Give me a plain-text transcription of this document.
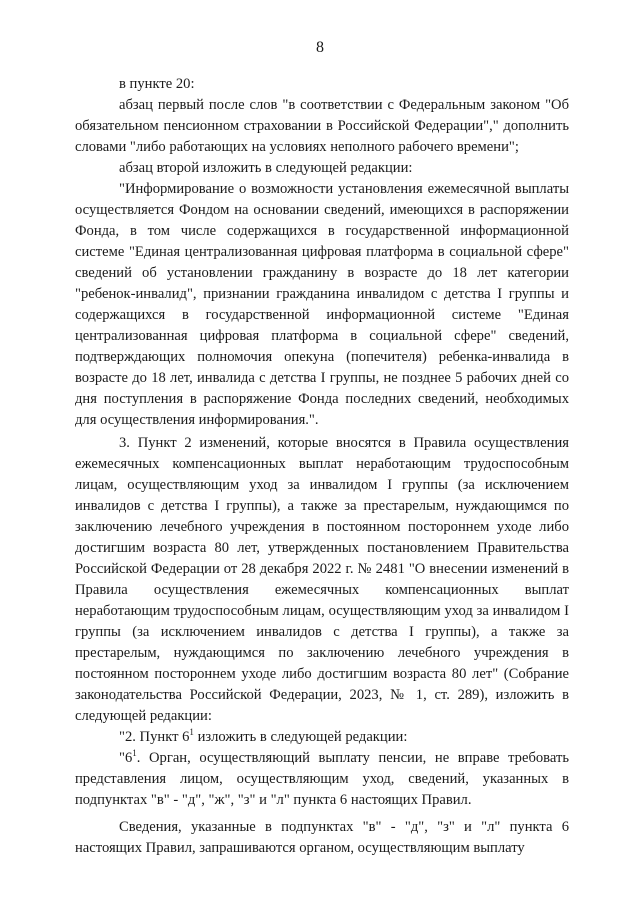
8

в пункте 20:

абзац первый после слов "в соответствии с Федеральным законом "Об обязательном пенсионном страховании в Российской Федерации"," дополнить словами "либо работающих на условиях неполного рабочего времени";

абзац второй изложить в следующей редакции:

"Информирование о возможности установления ежемесячной выплаты осуществляется Фондом на основании сведений, имеющихся в распоряжении Фонда, в том числе содержащихся в государственной информационной системе "Единая централизованная цифровая платформа в социальной сфере" сведений об установлении гражданину в возрасте до 18 лет категории "ребенок-инвалид", признании гражданина инвалидом с детства I группы и содержащихся в государственной информационной системе "Единая централизованная цифровая платформа в социальной сфере" сведений, подтверждающих полномочия опекуна (попечителя) ребенка-инвалида в возрасте до 18 лет, инвалида с детства I группы, не позднее 5 рабочих дней со дня поступления в распоряжение Фонда последних сведений, необходимых для осуществления информирования.".

3. Пункт 2 изменений, которые вносятся в Правила осуществления ежемесячных компенсационных выплат неработающим трудоспособным лицам, осуществляющим уход за инвалидом I группы (за исключением инвалидов с детства I группы), а также за престарелым, нуждающимся по заключению лечебного учреждения в постоянном постороннем уходе либо достигшим возраста 80 лет, утвержденных постановлением Правительства Российской Федерации от 28 декабря 2022 г. № 2481 "О внесении изменений в Правила осуществления ежемесячных компенсационных выплат неработающим трудоспособным лицам, осуществляющим уход за инвалидом I группы (за исключением инвалидов с детства I группы), а также за престарелым, нуждающимся по заключению лечебного учреждения в постоянном постороннем уходе либо достигшим возраста 80 лет" (Собрание законодательства Российской Федерации, 2023, № 1, ст. 289), изложить в следующей редакции:

"2. Пункт $6^1$ изложить в следующей редакции:

"$6^1$. Орган, осуществляющий выплату пенсии, не вправе требовать представления лицом, осуществляющим уход, сведений, указанных в подпунктах "в" - "д", "ж", "з" и "л" пункта 6 настоящих Правил.

Сведения, указанные в подпунктах "в" - "д", "з" и "л" пункта 6 настоящих Правил, запрашиваются органом, осуществляющим выплату
